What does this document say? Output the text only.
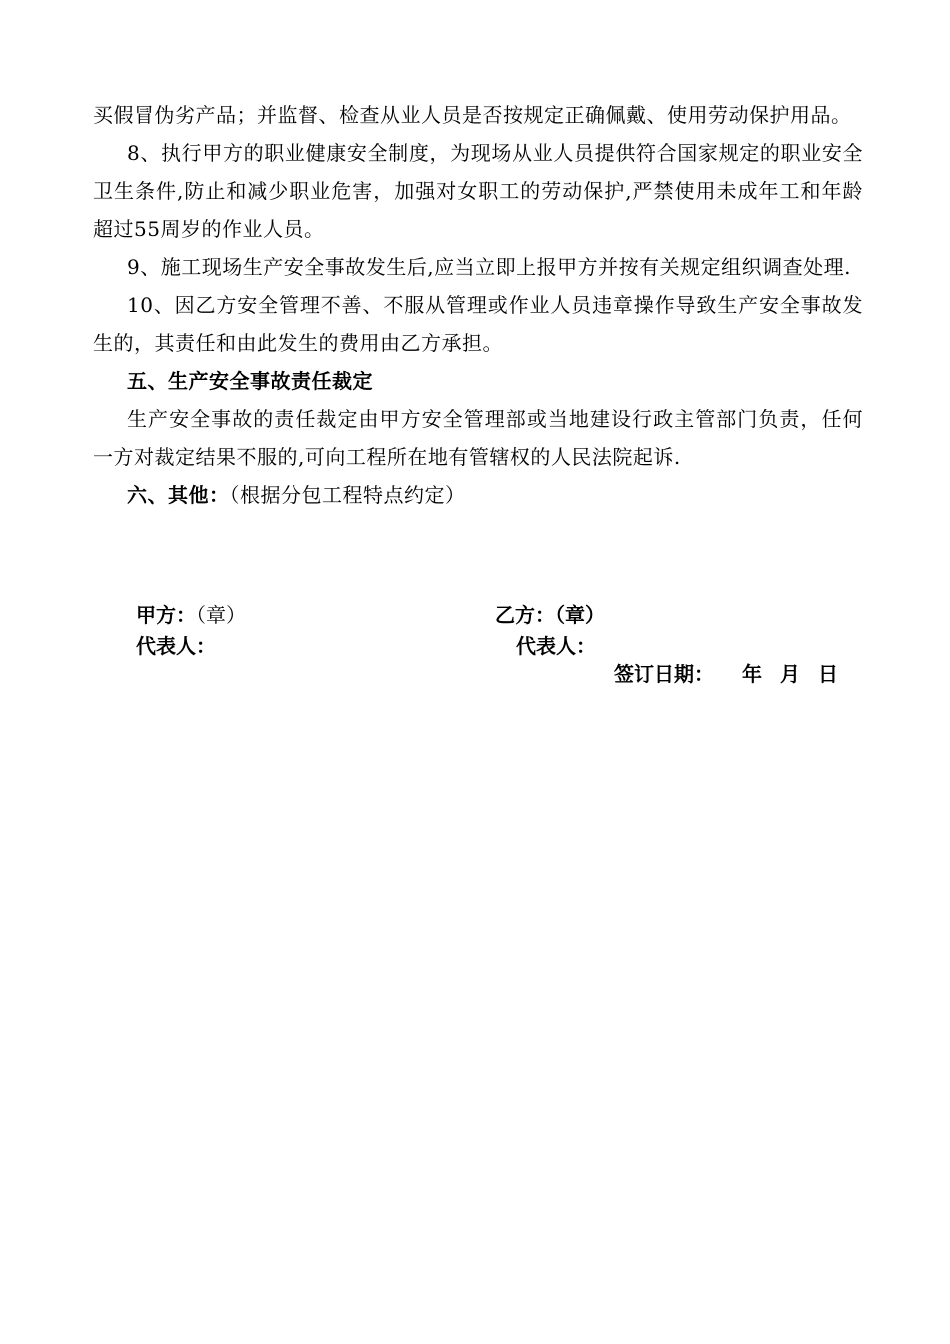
买假冒伪劣产品；并监督、检查从业人员是否按规定正确佩戴、使用劳动保护用品。

8、执行甲方的职业健康安全制度，为现场从业人员提供符合国家规定的职业安全卫生条件,防止和减少职业危害，加强对女职工的劳动保护,严禁使用未成年工和年龄超过55周岁的作业人员。

9、施工现场生产安全事故发生后,应当立即上报甲方并按有关规定组织调查处理.

10、因乙方安全管理不善、不服从管理或作业人员违章操作导致生产安全事故发生的，其责任和由此发生的费用由乙方承担。

五、生产安全事故责任裁定

生产安全事故的责任裁定由甲方安全管理部或当地建设行政主管部门负责，任何一方对裁定结果不服的,可向工程所在地有管辖权的人民法院起诉.

六、其他：（根据分包工程特点约定）

甲方：（章）	乙方：（章）
代表人：	代表人：
签订日期： 年 月 日
